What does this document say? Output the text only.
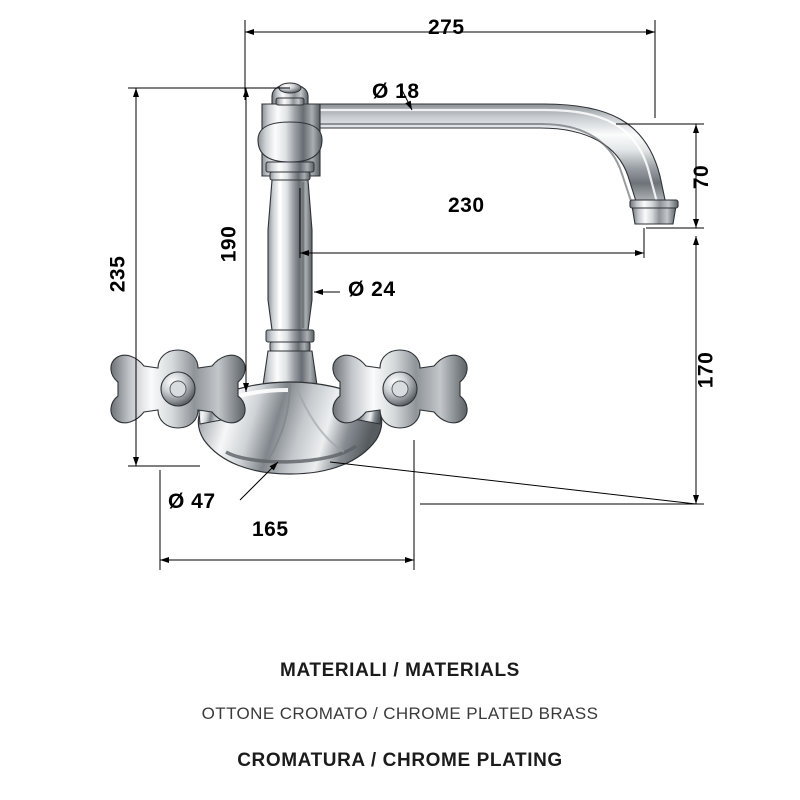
275
Ø 18
230
70
235
190
Ø 24
170
Ø 47
165

MATERIALI / MATERIALS

OTTONE CROMATO / CHROME PLATED BRASS

CROMATURA / CHROME PLATING
